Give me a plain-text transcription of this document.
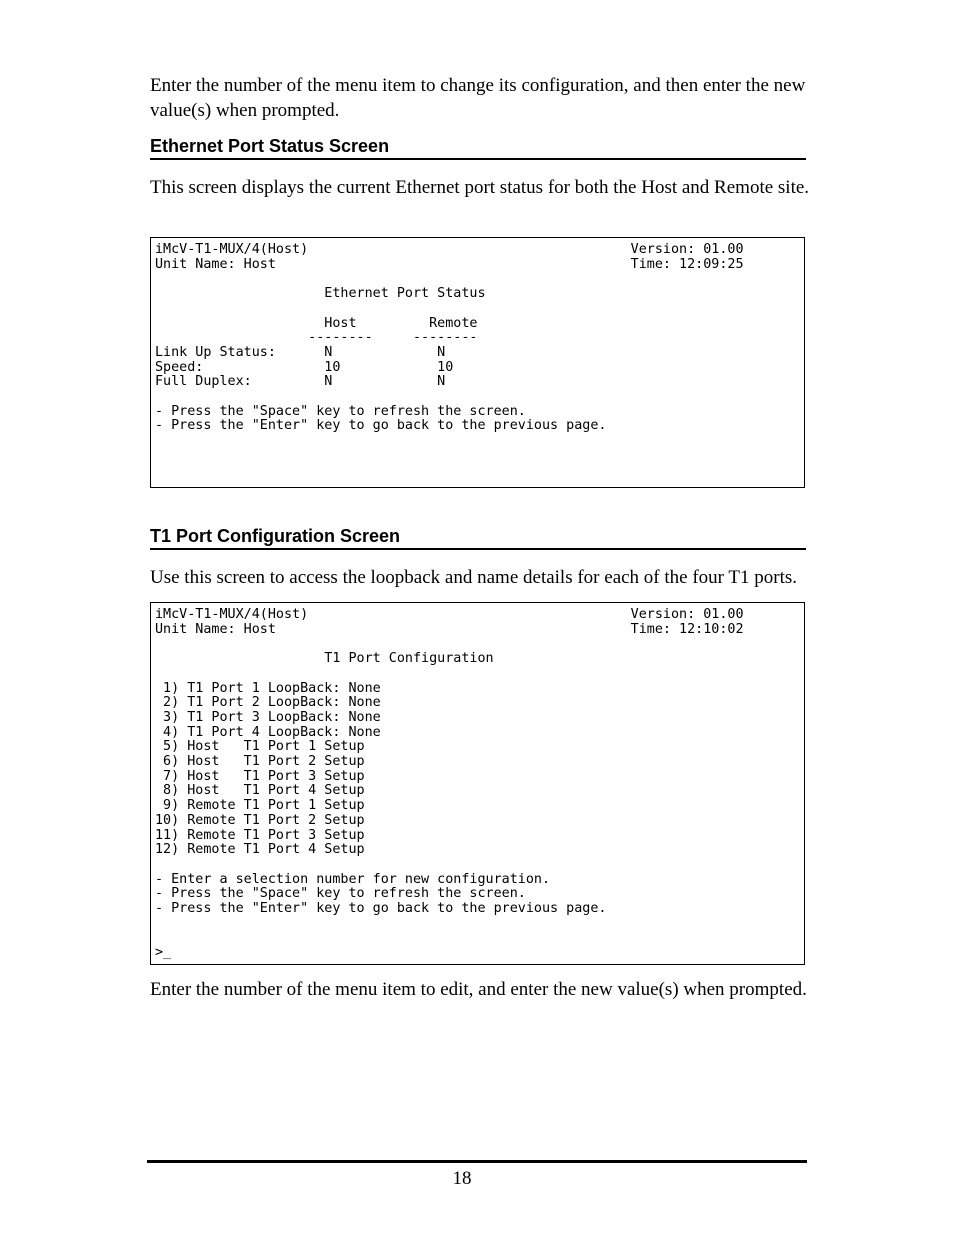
Enter the number of the menu item to change its configuration, and then enter the new value(s) when prompted.

Ethernet Port Status Screen

This screen displays the current Ethernet port status for both the Host and Remote site.

iMcV-T1-MUX/4(Host)                                        Version: 01.00
Unit Name: Host                                            Time: 12:09:25

Ethernet Port Status

Host         Remote
--------     --------
Link Up Status:      N             N
Speed:               10            10
Full Duplex:         N             N

- Press the "Space" key to refresh the screen.
- Press the "Enter" key to go back to the previous page.
T1 Port Configuration Screen

Use this screen to access the loopback and name details for each of the four T1 ports.

iMcV-T1-MUX/4(Host)                                        Version: 01.00
Unit Name: Host                                            Time: 12:10:02

T1 Port Configuration

1) T1 Port 1 LoopBack: None
2) T1 Port 2 LoopBack: None
3) T1 Port 3 LoopBack: None
4) T1 Port 4 LoopBack: None
5) Host   T1 Port 1 Setup
6) Host   T1 Port 2 Setup
7) Host   T1 Port 3 Setup
8) Host   T1 Port 4 Setup
9) Remote T1 Port 1 Setup
10) Remote T1 Port 2 Setup
11) Remote T1 Port 3 Setup
12) Remote T1 Port 4 Setup

- Enter a selection number for new configuration.
- Press the "Space" key to refresh the screen.
- Press the "Enter" key to go back to the previous page.

>_

Enter the number of the menu item to edit, and enter the new value(s) when prompted.

18
